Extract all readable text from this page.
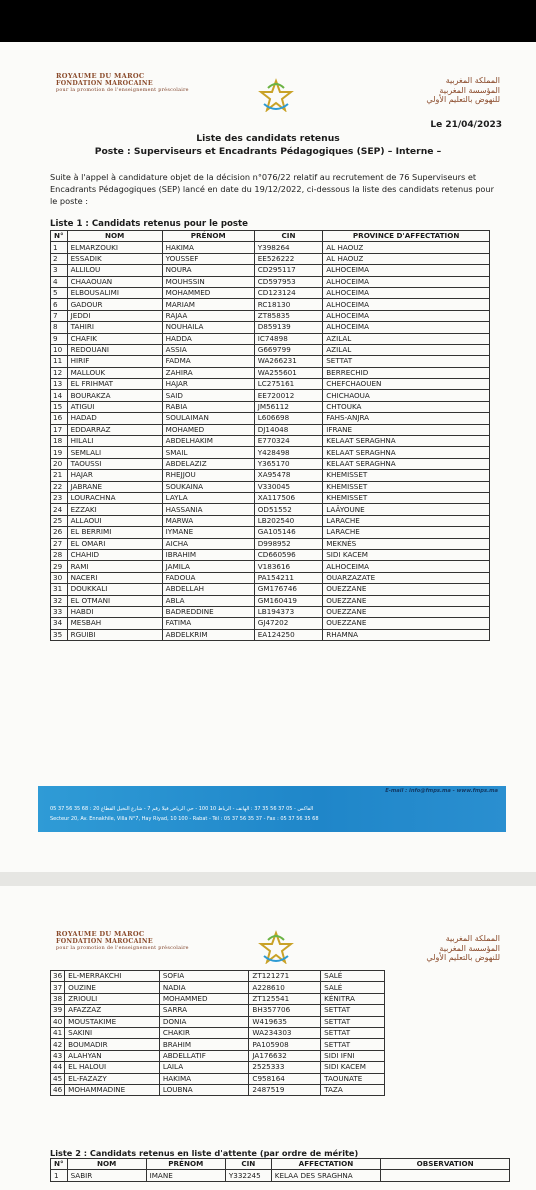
ROYAUME DU MAROC
FONDATION MAROCAINE
pour la promotion de l'enseignement préscolaire
المملكة المغربية
المؤسسة المغربية
للنهوض بالتعليم الأولي
Le 21/04/2023
Liste des candidats retenus
Poste : Superviseurs et Encadrants Pédagogiques (SEP) – Interne –
Suite à l'appel à candidature objet de la décision n°076/22 relatif au recrutement de 76 Superviseurs et Encadrants Pédagogiques (SEP) lancé en date du 19/12/2022, ci-dessous la liste des candidats retenus pour le poste :
Liste 1 : Candidats retenus pour le poste
N°	NOM	PRÉNOM	CIN	PROVINCE D'AFFECTATION
1	ELMARZOUKI	HAKIMA	Y398264	AL HAOUZ
2	ESSADIK	YOUSSEF	EE526222	AL HAOUZ
3	ALLILOU	NOURA	CD295117	ALHOCEIMA
4	CHAAOUAN	MOUHSSIN	CD597953	ALHOCEIMA
5	ELBOUSALIMI	MOHAMMED	CD123124	ALHOCEIMA
6	GADOUR	MARIAM	RC18130	ALHOCEIMA
7	JEDDI	RAJAA	ZT85835	ALHOCEIMA
8	TAHIRI	NOUHAILA	D859139	ALHOCEIMA
9	CHAFIK	HADDA	IC74898	AZILAL
10	REDOUANI	ASSIA	G669799	AZILAL
11	HIRIF	FADMA	WA266231	SETTAT
12	MALLOUK	ZAHIRA	WA255601	BERRECHID
13	EL FRIHMAT	HAJAR	LC275161	CHEFCHAOUEN
14	BOURAKZA	SAID	EE720012	CHICHAOUA
15	ATIGUI	RABIA	JM56112	CHTOUKA
16	HADAD	SOULAIMAN	L606698	FAHS-ANJRA
17	EDDARRAZ	MOHAMED	DJ14048	IFRANE
18	HILALI	ABDELHAKIM	E770324	KELAAT SERAGHNA
19	SEMLALI	SMAIL	Y428498	KELAAT SERAGHNA
20	TAOUSSI	ABDELAZIZ	Y365170	KELAAT SERAGHNA
21	HAJAR	RHEJJOU	XA95478	KHEMISSET
22	JABRANE	SOUKAINA	V330045	KHEMISSET
23	LOURACHNA	LAYLA	XA117506	KHEMISSET
24	EZZAKI	HASSANIA	OD51552	LAÂYOUNE
25	ALLAOUI	MARWA	LB202540	LARACHE
26	EL BERRIMI	IYMANE	GA105146	LARACHE
27	EL OMARI	AICHA	D998952	MEKNÈS
28	CHAHID	IBRAHIM	CD660596	SIDI KACEM
29	RAMI	JAMILA	V183616	ALHOCEIMA
30	NACERI	FADOUA	PA154211	OUARZAZATE
31	DOUKKALI	ABDELLAH	GM176746	OUEZZANE
32	EL OTMANI	ABLA	GM160419	OUEZZANE
33	HABDI	BADREDDINE	LB194373	OUEZZANE
34	MESBAH	FATIMA	GJ47202	OUEZZANE
35	RGUIBI	ABDELKRIM	EA124250	RHAMNA
E-mail : info@fmps.ma - www.fmps.ma
05 37 56 35 68 : الفاكس - 05 37 56 35 37 : الهاتف - الرباط 10 100 - حي الرياض فيلا رقم 7 - شارع النخيل القطاع 20
Secteur 20, Av. Ennakhile, Villa N°7, Hay Riyad, 10 100 - Rabat - Tél : 05 37 56 35 37 - Fax : 05 37 56 35 68
ROYAUME DU MAROC
FONDATION MAROCAINE
pour la promotion de l'enseignement préscolaire
المملكة المغربية
المؤسسة المغربية
للنهوض بالتعليم الأولي
36	EL-MERRAKCHI	SOFIA	ZT121271	SALÉ
37	OUZINE	NADIA	A228610	SALÉ
38	ZRIOULI	MOHAMMED	ZT125541	KÉNITRA
39	AFAZZAZ	SARRA	BH357706	SETTAT
40	MOUSTAKIME	DONIA	W419635	SETTAT
41	SAKINI	CHAKIR	WA234303	SETTAT
42	BOUMADIR	BRAHIM	PA105908	SETTAT
43	ALAHYAN	ABDELLATIF	JA176632	SIDI IFNI
44	EL HALOUI	LAILA	2525333	SIDI KACEM
45	EL-FAZAZY	HAKIMA	C958164	TAOUNATE
46	MOHAMMADINE	LOUBNA	2487519	TAZA
Liste 2 : Candidats retenus en liste d'attente (par ordre de mérite)
N°	NOM	PRÉNOM	CIN	AFFECTATION	OBSERVATION
1	SABIR	IMANE	Y332245	KELAA DES SRAGHNA	
